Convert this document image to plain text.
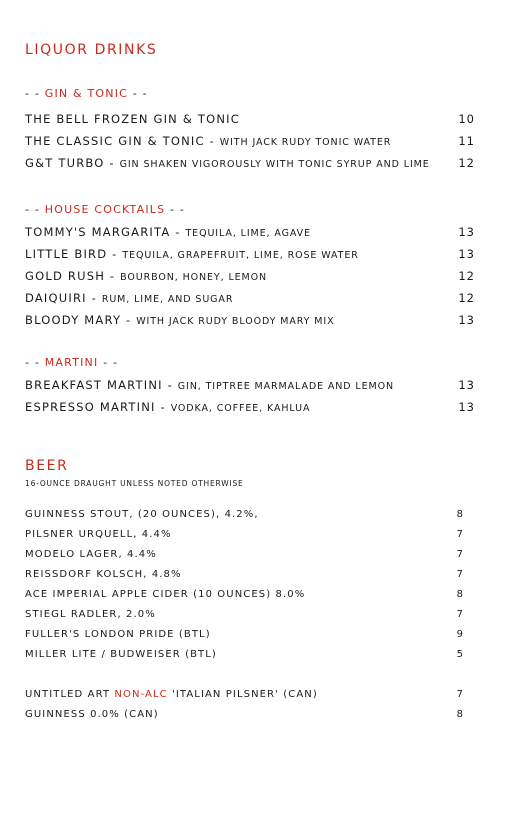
LIQUOR DRINKS
- - GIN & TONIC - -
THE BELL FROZEN GIN & TONIC	10
THE CLASSIC GIN & TONIC - WITH JACK RUDY TONIC WATER	11
G&T TURBO - GIN SHAKEN VIGOROUSLY WITH TONIC SYRUP AND LIME 12
- - HOUSE COCKTAILS - -
TOMMY'S MARGARITA - TEQUILA, LIME, AGAVE	13
LITTLE BIRD - TEQUILA, GRAPEFRUIT, LIME, ROSE WATER	13
GOLD RUSH - BOURBON, HONEY, LEMON	12
DAIQUIRI - RUM, LIME, AND SUGAR	12
BLOODY MARY - WITH JACK RUDY BLOODY MARY MIX	13
- - MARTINI - -
BREAKFAST MARTINI - GIN, TIPTREE MARMALADE AND LEMON	13
ESPRESSO MARTINI - VODKA, COFFEE, KAHLUA	13
BEER
16-OUNCE DRAUGHT UNLESS NOTED OTHERWISE
GUINNESS STOUT, (20 OUNCES), 4.2%,	8
PILSNER URQUELL, 4.4%	7
MODELO LAGER, 4.4%	7
REISSDORF KOLSCH, 4.8%	7
ACE IMPERIAL APPLE CIDER (10 OUNCES) 8.0%	8
STIEGL RADLER, 2.0%	7
FULLER'S LONDON PRIDE (BTL)	9
MILLER LITE / BUDWEISER (BTL)	5
UNTITLED ART NON-ALC 'ITALIAN PILSNER' (CAN)	7
GUINNESS 0.0% (CAN)	8
